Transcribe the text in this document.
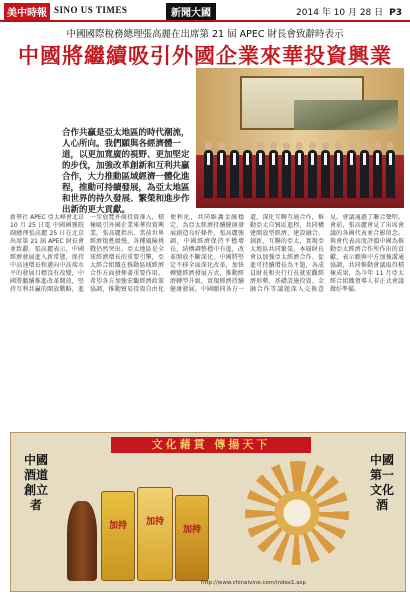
美中時報 SINO US TIMES	新聞大國	2014 年 10 月 28 日 P3
中國國際稅務總理張高麗在出席第 21 屆 APEC 財長會致辭時表示
中國將繼續吸引外國企業來華投資興業
合作共贏是亞太地區的時代潮流，人心所向。我們願與各經濟體一道，以更加寬廣的視野、更加堅定的步伐，加強改革創新和互利共贏合作，大力推動區域經濟一體化進程，推動可持續發展，為亞太地區和世界的持久發展、繁榮和進步作出新的更大貢獻。
新華社 APEC 亞太峰會北京 10 月 25 日電 中國國務院副總理張高麗 25 日在北京出席第 21 屆 APEC 財長會並致辭。張高麗表示，中國經濟發展進入新常態，保持中高速增長和邁向中高端水平的發展目標沒有改變，中國將繼續推進改革開放，堅持互利共贏的開放戰略，進一步放寬外商投資准入，積極吸引外國企業來華投資興業。張高麗指出，當前世界經濟復甦緩慢，各種風險挑戰仍然突出。亞太地區是全球經濟增長的重要引擎，亞太經合組織在推動區域經濟合作方面發揮著重要作用。希望各方加強宏觀經濟政策協調，推動貿易投資自由化便利化，共同維護金融穩定，為亞太經濟持續健康發展創造良好條件。張高麗強調，中國經濟保持平穩增長，結構調整穩中有進，改革開放不斷深化。中國將堅定不移全面深化改革，加快轉變經濟發展方式，推動經濟轉型升級，實現經濟持續健康發展。中國願同各方一道，深化互聯互通合作，推動亞太自貿區進程，共同構建開放型經濟，建設融合、創新、互聯的亞太，實現亞太地區共同繁榮。本屆財長會以加強亞太經濟合作、促進可持續增長為主題，各成員財長和央行行長就宏觀經濟形勢、基礎設施投資、金融合作等議題深入交換意見。會議通過了聯合聲明。會前，張高麗會見了出席會議的各國代表並合影留念。與會代表高度評價中國為推動亞太經濟合作所作出的貢獻，表示願與中方加強溝通協調，共同推動會議取得積極成果，為今年 11 月亞太經合組織領導人非正式會議做好準備。
文化藉貫 傳揚天下
中國酒道創立者
中國第一文化酒
加持	加持
加持
http://www.chinaivine.com/index1.asp
